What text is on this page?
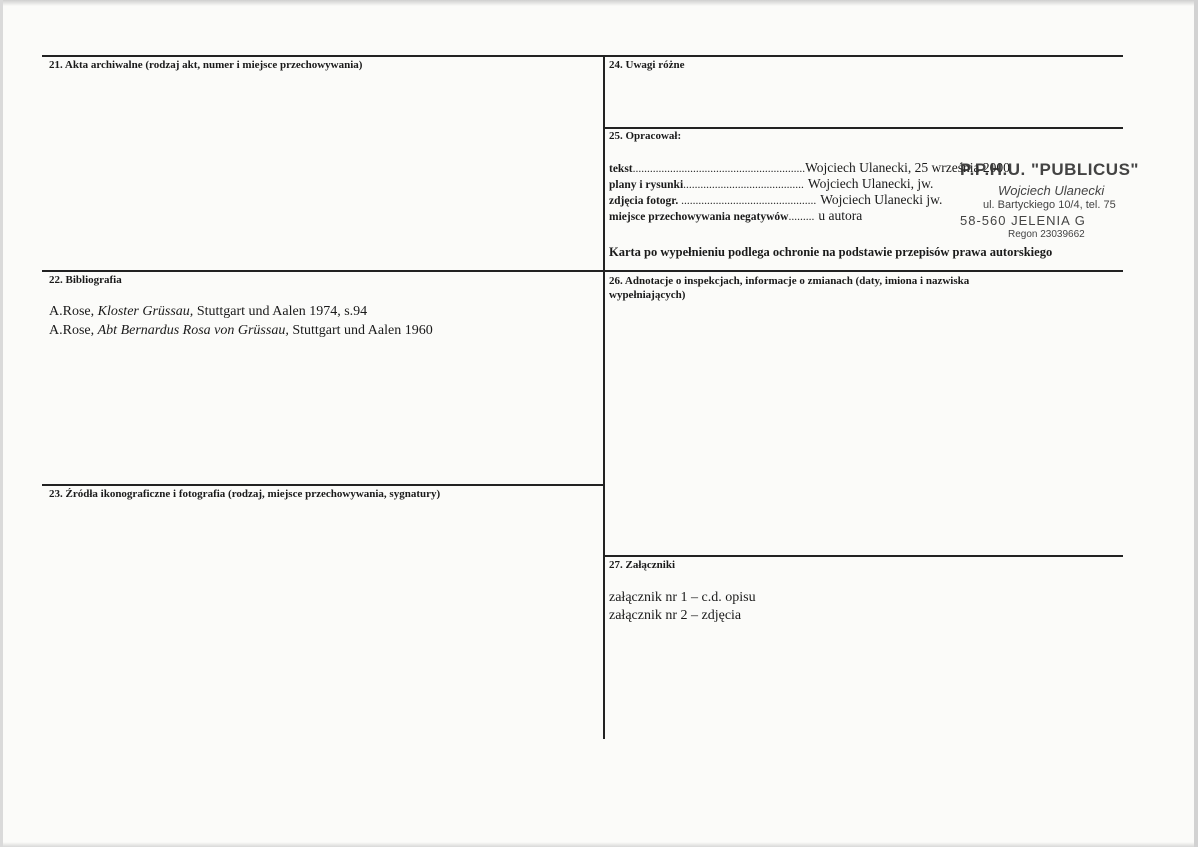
21. Akta archiwalne (rodzaj akt, numer i miejsce przechowywania)
22. Bibliografia
A.Rose, Kloster Grüssau, Stuttgart und Aalen 1974, s.94
A.Rose, Abt Bernardus Rosa von Grüssau, Stuttgart und Aalen 1960
23. Źródła ikonograficzne i fotografia (rodzaj, miejsce przechowywania, sygnatury)
24. Uwagi różne
25. Opracował:
tekst............................................................Wojciech Ulanecki, 25 września 2000
plany i rysunki.......................................... Wojciech Ulanecki, jw.
zdjęcia fotogr. ............................................... Wojciech Ulanecki jw.
miejsce przechowywania negatywów......... u autora
Karta po wypełnieniu podlega ochronie na podstawie przepisów prawa autorskiego
P.P.H.U. "PUBLICUS"
Wojciech Ulanecki
ul. Bartyckiego 10/4, tel. 75
58-560 JELENIA G
Regon 23039662
26. Adnotacje o inspekcjach, informacje o zmianach (daty, imiona i nazwiska
wypełniających)
27. Załączniki
załącznik nr 1 – c.d. opisu
załącznik nr 2 – zdjęcia
